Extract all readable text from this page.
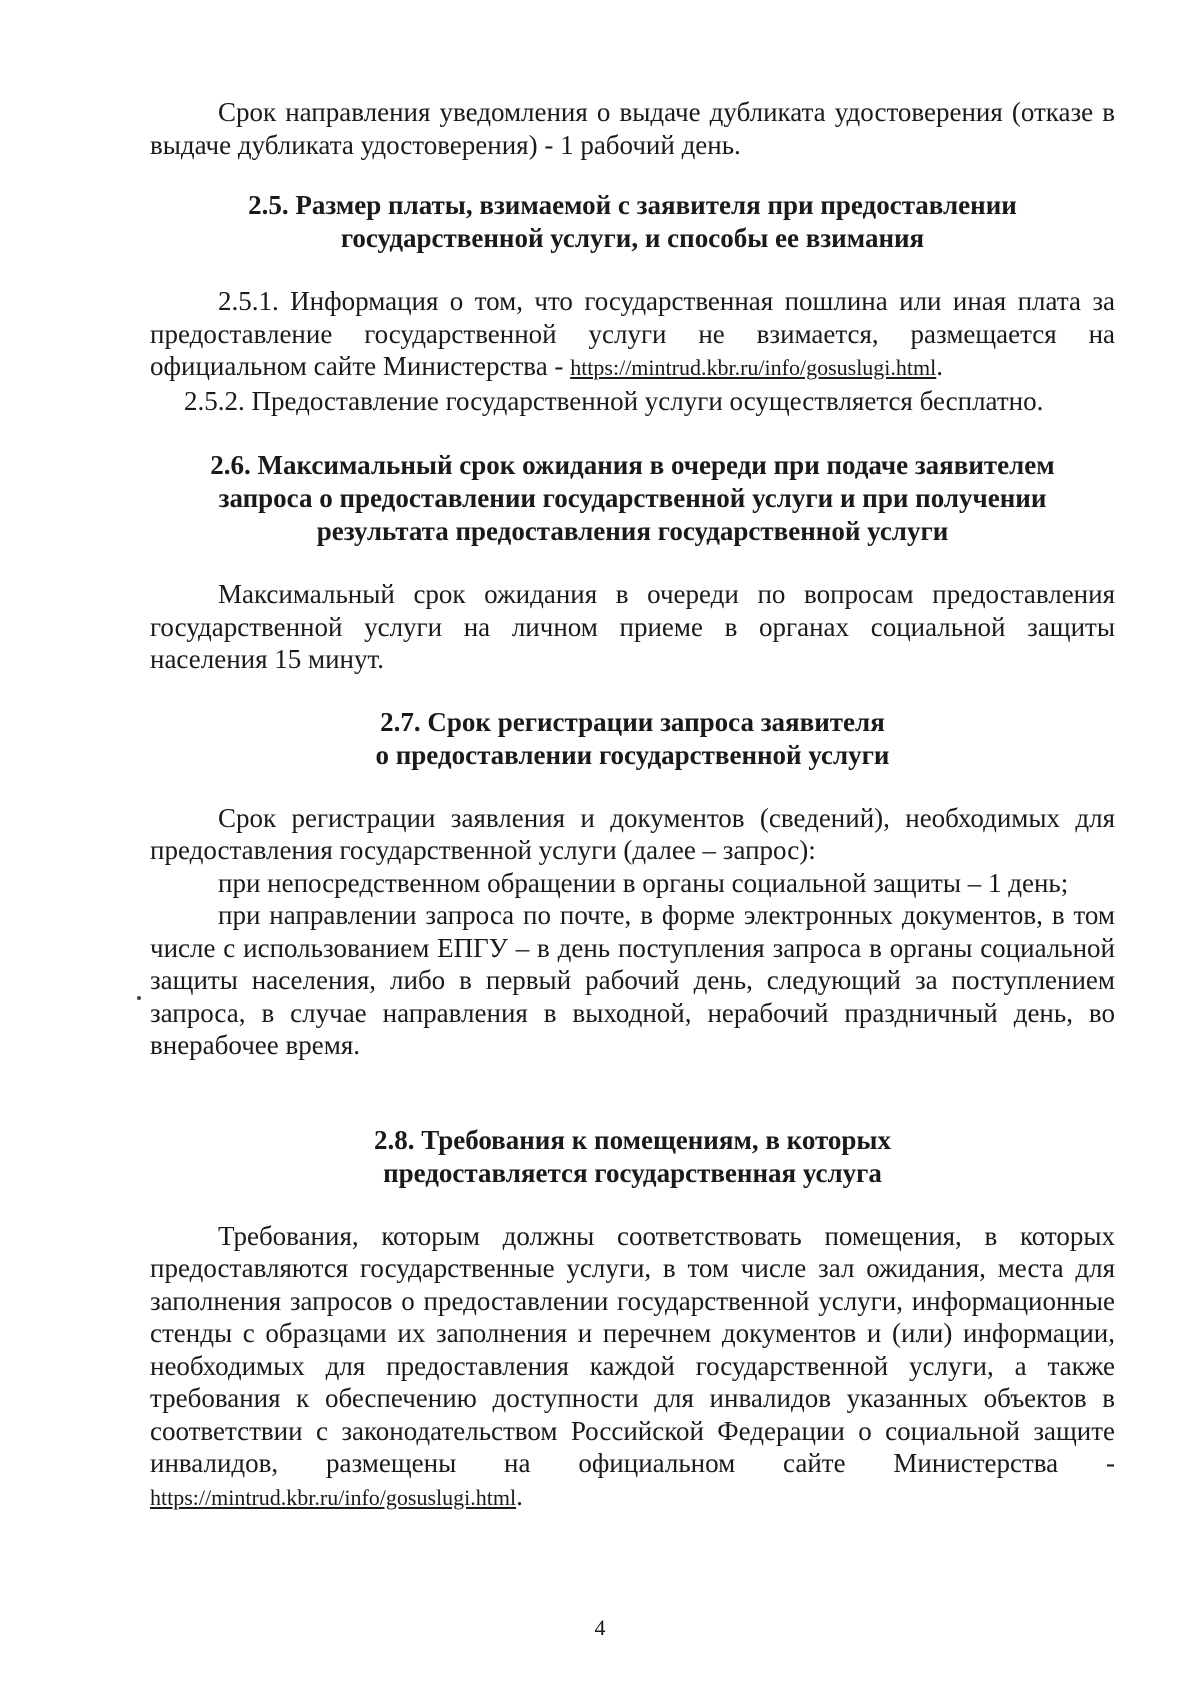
Срок направления уведомления о выдаче дубликата удостоверения (отказе в выдаче дубликата удостоверения) - 1 рабочий день.

2.5. Размер платы, взимаемой с заявителя при предоставлении

государственной услуги, и способы ее взимания

2.5.1. Информация о том, что государственная пошлина или иная плата за предоставление государственной услуги не взимается, размещается на официальном сайте Министерства - https://mintrud.kbr.ru/info/gosuslugi.html.

2.5.2. Предоставление государственной услуги осуществляется бесплатно.

2.6. Максимальный срок ожидания в очереди при подаче заявителем

запроса о предоставлении государственной услуги и при получении

результата предоставления государственной услуги

Максимальный срок ожидания в очереди по вопросам предоставления государственной услуги на личном приеме в органах социальной защиты населения 15 минут.

2.7. Срок регистрации запроса заявителя

о предоставлении государственной услуги

Срок регистрации заявления и документов (сведений), необходимых для предоставления государственной услуги (далее – запрос):

при непосредственном обращении в органы социальной защиты – 1 день;

при направлении запроса по почте, в форме электронных документов, в том числе с использованием ЕПГУ – в день поступления запроса в органы социальной защиты населения, либо в первый рабочий день, следующий за поступлением запроса, в случае направления в выходной, нерабочий праздничный день, во внерабочее время.

2.8. Требования к помещениям, в которых

предоставляется государственная услуга

Требования, которым должны соответствовать помещения, в которых предоставляются государственные услуги, в том числе зал ожидания, места для заполнения запросов о предоставлении государственной услуги, информационные стенды с образцами их заполнения и перечнем документов и (или) информации, необходимых для предоставления каждой государственной услуги, а также требования к обеспечению доступности для инвалидов указанных объектов в соответствии с законодательством Российской Федерации о социальной защите инвалидов, размещены на официальном сайте Министерства - https://mintrud.kbr.ru/info/gosuslugi.html.

4
